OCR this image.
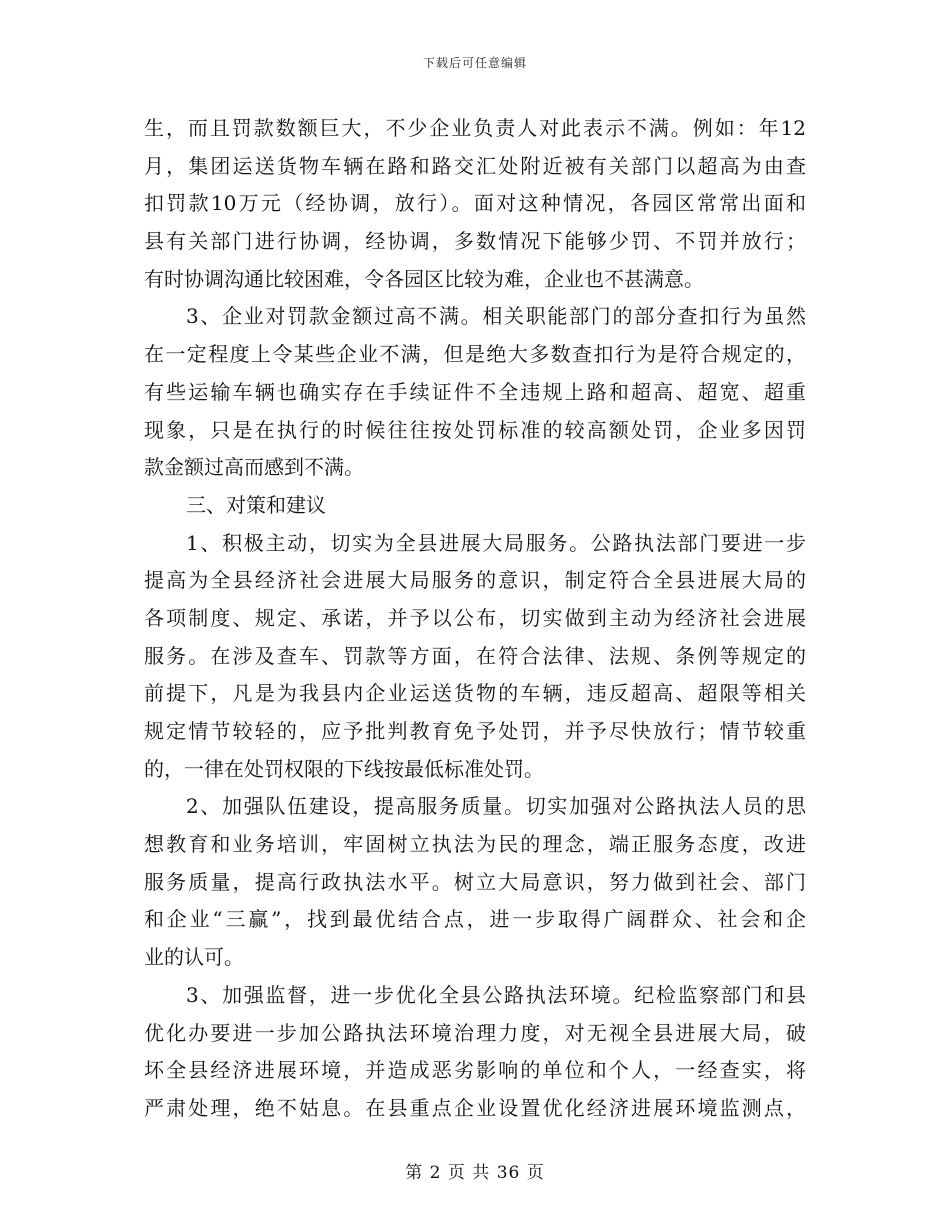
下载后可任意编辑
生，而且罚款数额巨大，不少企业负责人对此表示不满。例如：年12
月，集团运送货物车辆在路和路交汇处附近被有关部门以超高为由查
扣罚款10万元（经协调，放行）。面对这种情况，各园区常常出面和
县有关部门进行协调，经协调，多数情况下能够少罚、不罚并放行；
有时协调沟通比较困难，令各园区比较为难，企业也不甚满意。
3、企业对罚款金额过高不满。相关职能部门的部分查扣行为虽然
在一定程度上令某些企业不满，但是绝大多数查扣行为是符合规定的，
有些运输车辆也确实存在手续证件不全违规上路和超高、超宽、超重
现象，只是在执行的时候往往按处罚标准的较高额处罚，企业多因罚
款金额过高而感到不满。
三、对策和建议
1、积极主动，切实为全县进展大局服务。公路执法部门要进一步
提高为全县经济社会进展大局服务的意识，制定符合全县进展大局的
各项制度、规定、承诺，并予以公布，切实做到主动为经济社会进展
服务。在涉及查车、罚款等方面，在符合法律、法规、条例等规定的
前提下，凡是为我县内企业运送货物的车辆，违反超高、超限等相关
规定情节较轻的，应予批判教育免予处罚，并予尽快放行；情节较重
的，一律在处罚权限的下线按最低标准处罚。
2、加强队伍建设，提高服务质量。切实加强对公路执法人员的思
想教育和业务培训，牢固树立执法为民的理念，端正服务态度，改进
服务质量，提高行政执法水平。树立大局意识，努力做到社会、部门
和企业“三赢”，找到最优结合点，进一步取得广阔群众、社会和企
业的认可。
3、加强监督，进一步优化全县公路执法环境。纪检监察部门和县
优化办要进一步加公路执法环境治理力度，对无视全县进展大局，破
坏全县经济进展环境，并造成恶劣影响的单位和个人，一经查实，将
严肃处理，绝不姑息。在县重点企业设置优化经济进展环境监测点，
第 2 页 共 36 页
